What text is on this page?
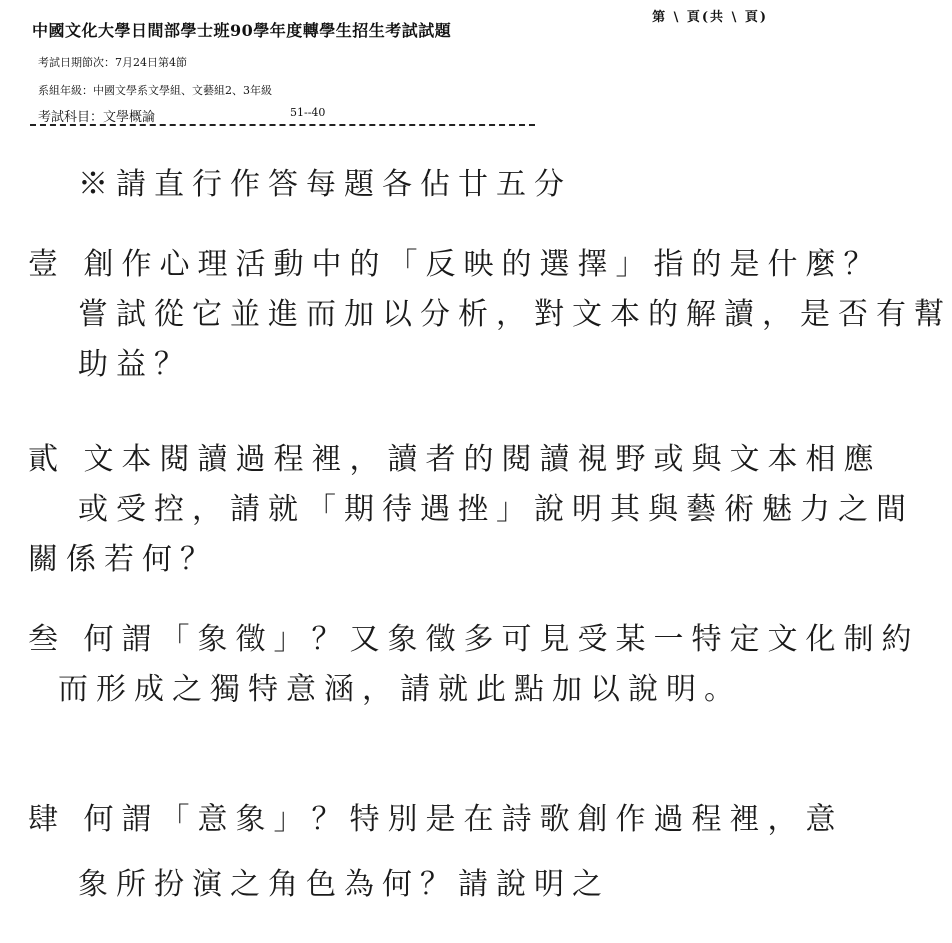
第 \ 頁(共 \ 頁)
中國文化大學日間部學士班90學年度轉學生招生考試試題
考試日期節次：7月24日第4節
系組年級：中國文學系文學組、文藝組2、3年級
考試科目：文學概論	51--40
※請直行作答每題各佔廿五分
壹 創作心理活動中的「反映的選擇」指的是什麼？
嘗試從它並進而加以分析，對文本的解讀，是否有幫
助益？
貳 文本閱讀過程裡，讀者的閱讀視野或與文本相應
或受控，請就「期待遇挫」說明其與藝術魅力之間
關係若何？
叁 何謂「象徵」？又象徵多可見受某一特定文化制約
而形成之獨特意涵，請就此點加以說明。
肆 何謂「意象」？特別是在詩歌創作過程裡，意
象所扮演之角色為何？請說明之
